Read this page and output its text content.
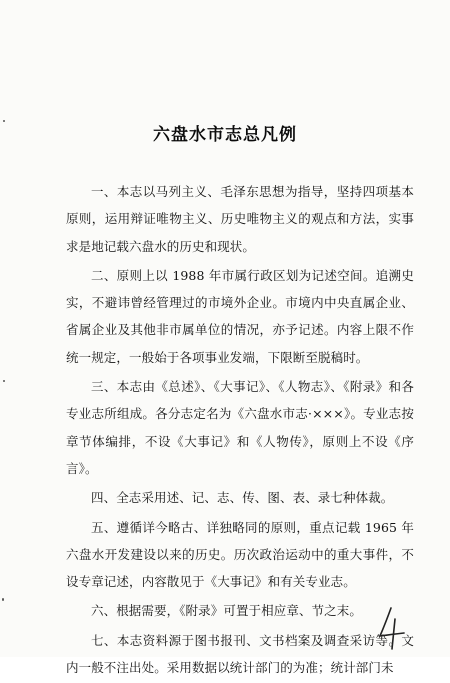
六盘水市志总凡例

一、本志以马列主义、毛泽东思想为指导，坚持四项基本原则，运用辩证唯物主义、历史唯物主义的观点和方法，实事求是地记载六盘水的历史和现状。

二、原则上以 1988 年市属行政区划为记述空间。追溯史实，不避讳曾经管理过的市境外企业。市境内中央直属企业、省属企业及其他非市属单位的情况，亦予记述。内容上限不作统一规定，一般始于各项事业发端，下限断至脱稿时。

三、本志由《总述》、《大事记》、《人物志》、《附录》和各专业志所组成。各分志定名为《六盘水市志·×××》。专业志按章节体编排，不设《大事记》和《人物传》，原则上不设《序言》。

四、全志采用述、记、志、传、图、表、录七种体裁。

五、遵循详今略古、详独略同的原则，重点记载 1965 年六盘水开发建设以来的历史。历次政治运动中的重大事件，不设专章记述，内容散见于《大事记》和有关专业志。

六、根据需要，《附录》可置于相应章、节之末。

七、本志资料源于图书报刊、文书档案及调查采访等。文内一般不注出处。采用数据以统计部门的为准；统计部门未
